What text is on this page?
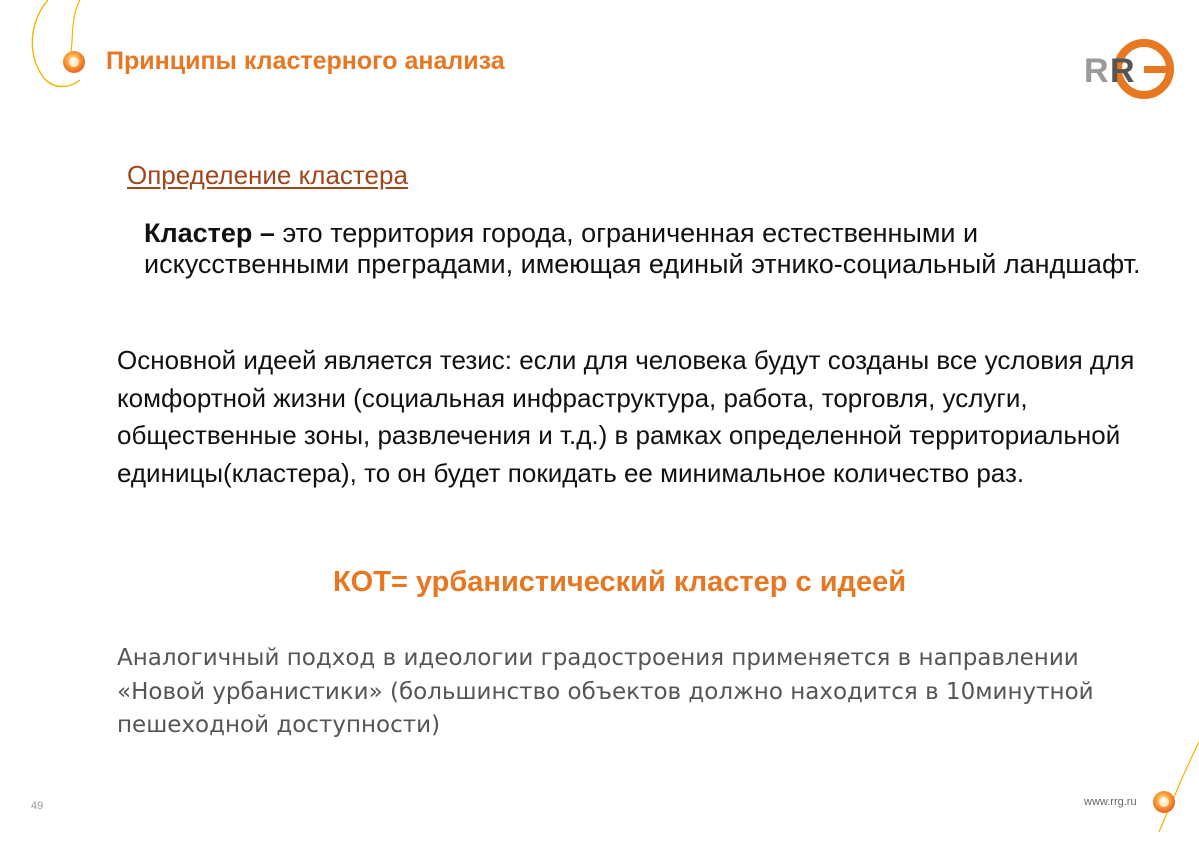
Принципы кластерного анализа	R R
Определение кластера
Кластер – это территория города, ограниченная естественными и искусственными преградами, имеющая единый этнико-социальный ландшафт.
Основной идеей является тезис: если для человека будут созданы все условия для комфортной жизни (социальная инфраструктура, работа, торговля, услуги, общественные зоны, развлечения и т.д.) в рамках определенной территориальной единицы(кластера), то он будет покидать ее минимальное количество раз.
КОТ= урбанистический кластер с идеей
Аналогичный подход в идеологии градостроения применяется в направлении «Новой урбанистики» (большинство объектов должно находится в 10минутной пешеходной доступности)
49	www.rrg.ru
